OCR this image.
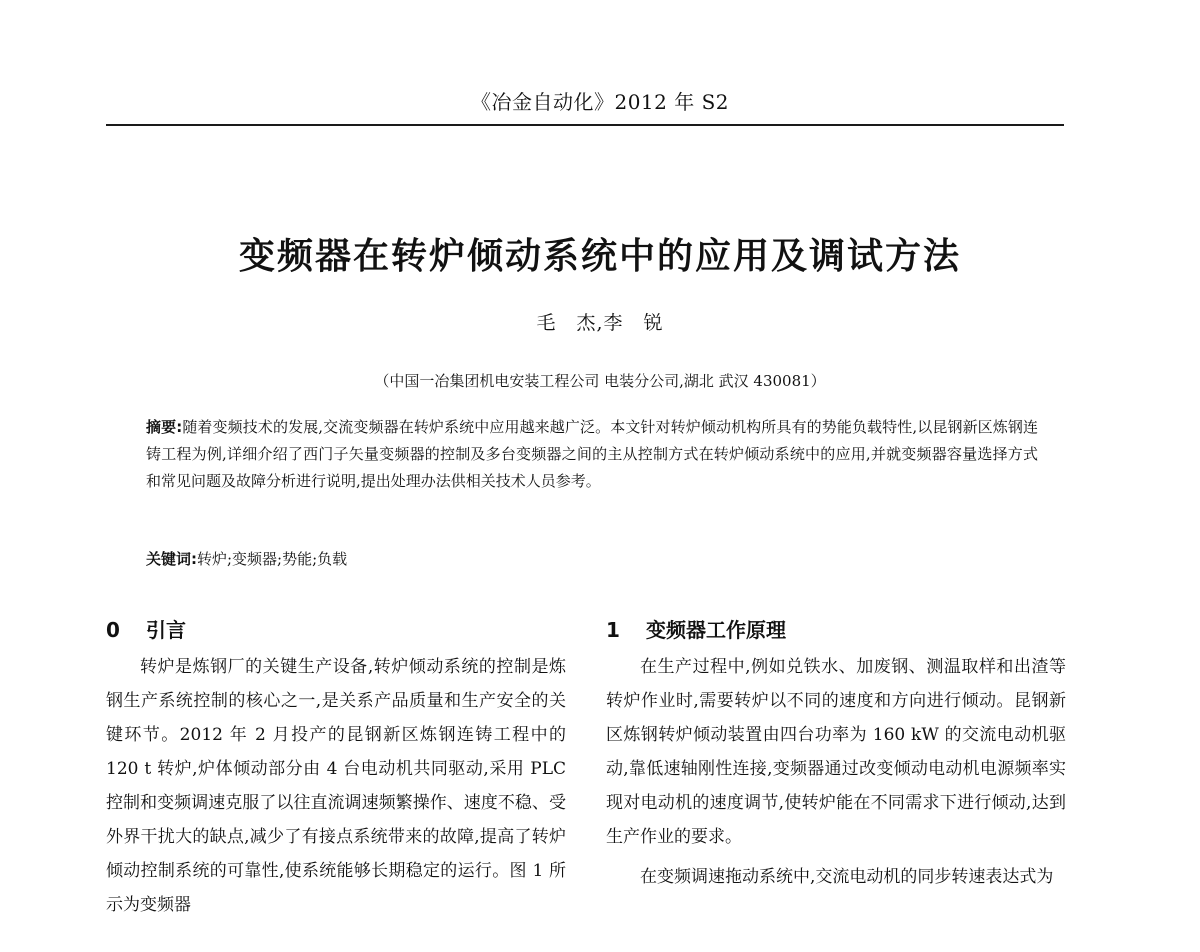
《冶金自动化》2012 年 S2
变频器在转炉倾动系统中的应用及调试方法
毛　杰,李　锐
（中国一冶集团机电安装工程公司 电装分公司,湖北 武汉 430081）
摘要:随着变频技术的发展,交流变频器在转炉系统中应用越来越广泛。本文针对转炉倾动机构所具有的势能负载特性,以昆钢新区炼钢连铸工程为例,详细介绍了西门子矢量变频器的控制及多台变频器之间的主从控制方式在转炉倾动系统中的应用,并就变频器容量选择方式和常见问题及故障分析进行说明,提出处理办法供相关技术人员参考。
关键词:转炉;变频器;势能;负载
0 引言

转炉是炼钢厂的关键生产设备,转炉倾动系统的控制是炼钢生产系统控制的核心之一,是关系产品质量和生产安全的关键环节。2012 年 2 月投产的昆钢新区炼钢连铸工程中的 120 t 转炉,炉体倾动部分由 4 台电动机共同驱动,采用 PLC 控制和变频调速克服了以往直流调速频繁操作、速度不稳、受外界干扰大的缺点,减少了有接点系统带来的故障,提高了转炉倾动控制系统的可靠性,使系统能够长期稳定的运行。图 1 所示为变频器

1 变频器工作原理

在生产过程中,例如兑铁水、加废钢、测温取样和出渣等转炉作业时,需要转炉以不同的速度和方向进行倾动。昆钢新区炼钢转炉倾动装置由四台功率为 160 kW 的交流电动机驱动,靠低速轴刚性连接,变频器通过改变倾动电动机电源频率实现对电动机的速度调节,使转炉能在不同需求下进行倾动,达到生产作业的要求。

在变频调速拖动系统中,交流电动机的同步转速表达式为
